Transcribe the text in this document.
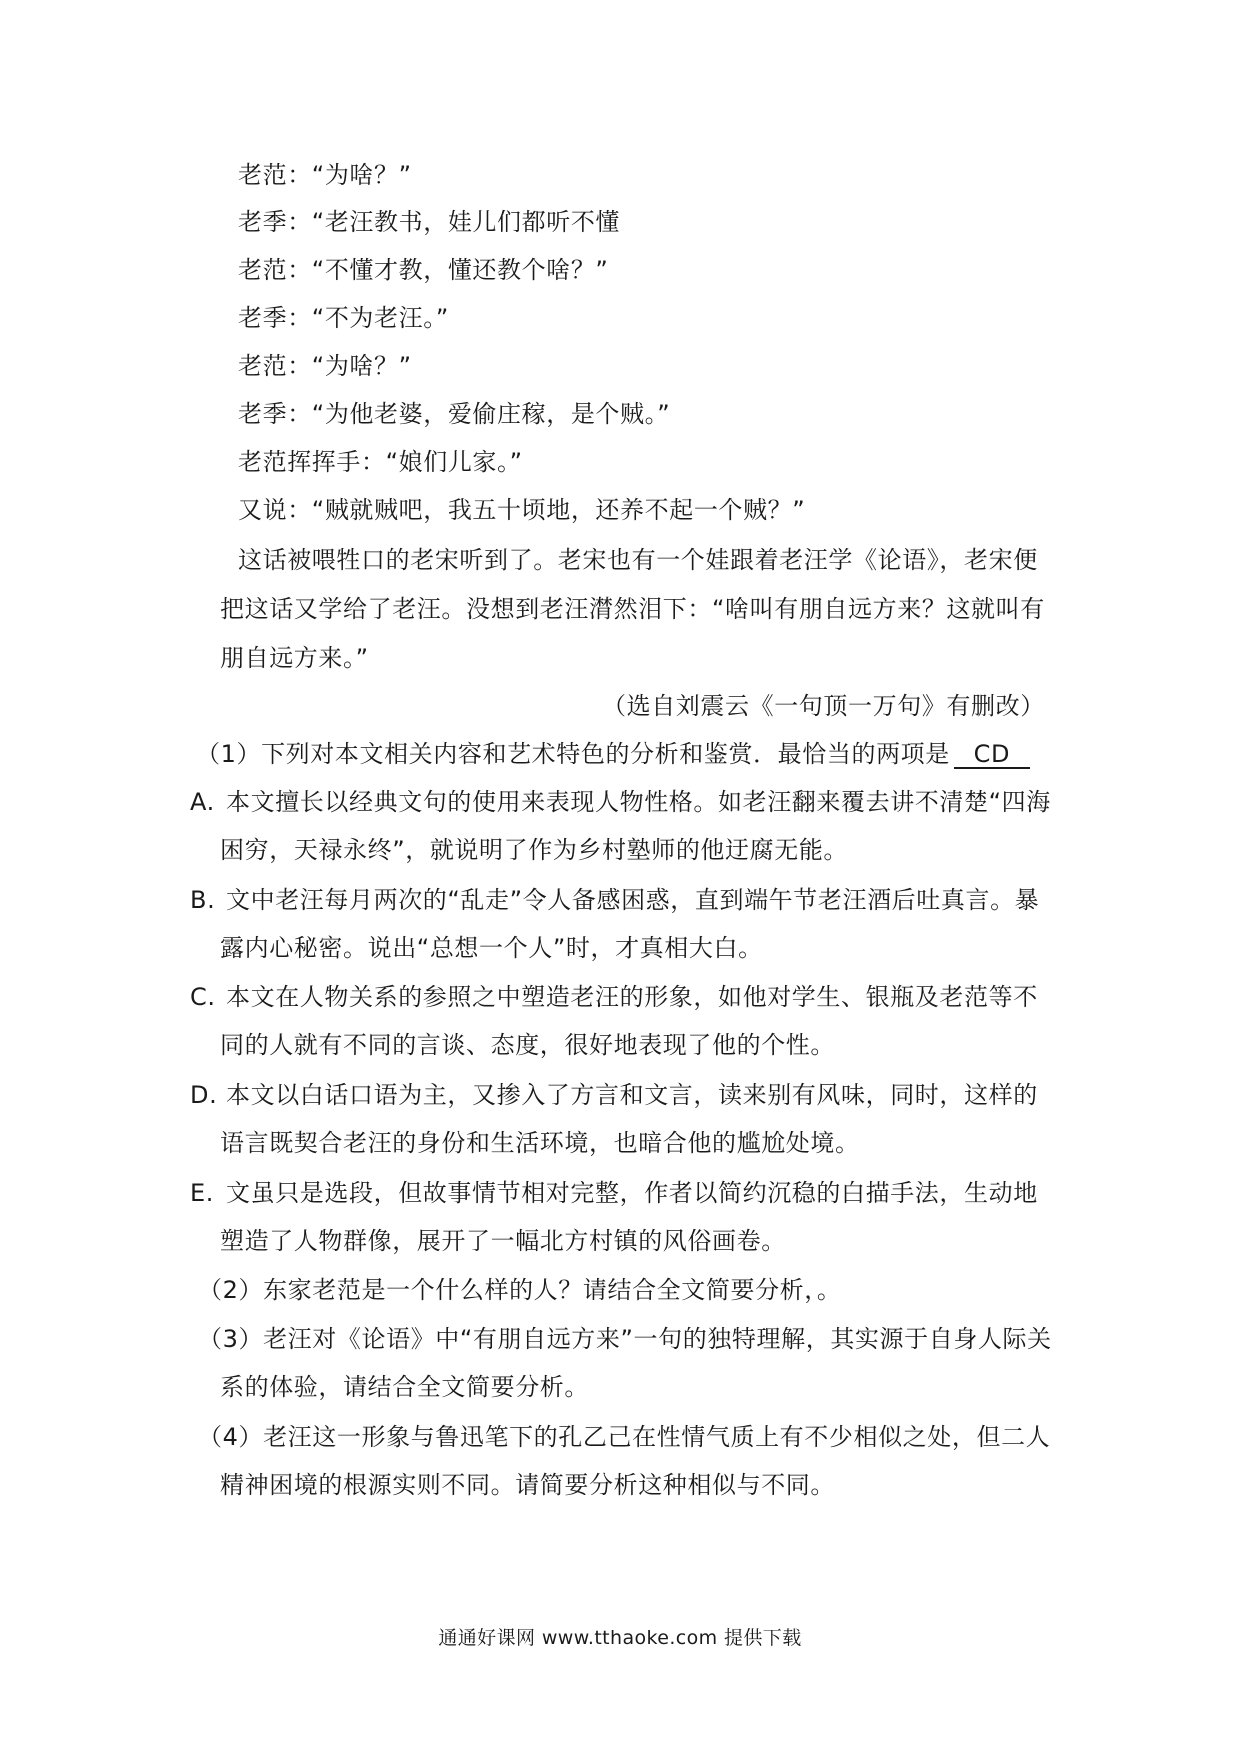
老范：“为啥？”
老季：“老汪教书，娃儿们都听不懂
老范：“不懂才教，懂还教个啥？”
老季：“不为老汪。”
老范：“为啥？”
老季：“为他老婆，爱偷庄稼，是个贼。”
老范挥挥手：“娘们儿家。”
又说：“贼就贼吧，我五十顷地，还养不起一个贼？”
这话被喂牲口的老宋听到了。老宋也有一个娃跟着老汪学《论语》，老宋便
把这话又学给了老汪。没想到老汪潸然泪下：“啥叫有朋自远方来？这就叫有
朋自远方来。”
（选自刘震云《一句顶一万句》有删改）
（1）下列对本文相关内容和艺术特色的分析和鉴赏．最恰当的两项是 CD
A. 本文擅长以经典文句的使用来表现人物性格。如老汪翻来覆去讲不清楚“四海
困穷，天禄永终”，就说明了作为乡村塾师的他迂腐无能。
B. 文中老汪每月两次的“乱走”令人备感困惑，直到端午节老汪酒后吐真言。暴
露内心秘密。说出“总想一个人”时，才真相大白。
C. 本文在人物关系的参照之中塑造老汪的形象，如他对学生、银瓶及老范等不
同的人就有不同的言谈、态度，很好地表现了他的个性。
D. 本文以白话口语为主，又掺入了方言和文言，读来别有风味，同时，这样的
语言既契合老汪的身份和生活环境，也暗合他的尴尬处境。
E. 文虽只是选段，但故事情节相对完整，作者以简约沉稳的白描手法，生动地
塑造了人物群像，展开了一幅北方村镇的风俗画卷。
（2）东家老范是一个什么样的人？请结合全文简要分析，。
（3）老汪对《论语》中“有朋自远方来”一句的独特理解，其实源于自身人际关
系的体验，请结合全文简要分析。
（4）老汪这一形象与鲁迅笔下的孔乙己在性情气质上有不少相似之处，但二人
精神困境的根源实则不同。请简要分析这种相似与不同。
通通好课网 www.tthaoke.com 提供下载
